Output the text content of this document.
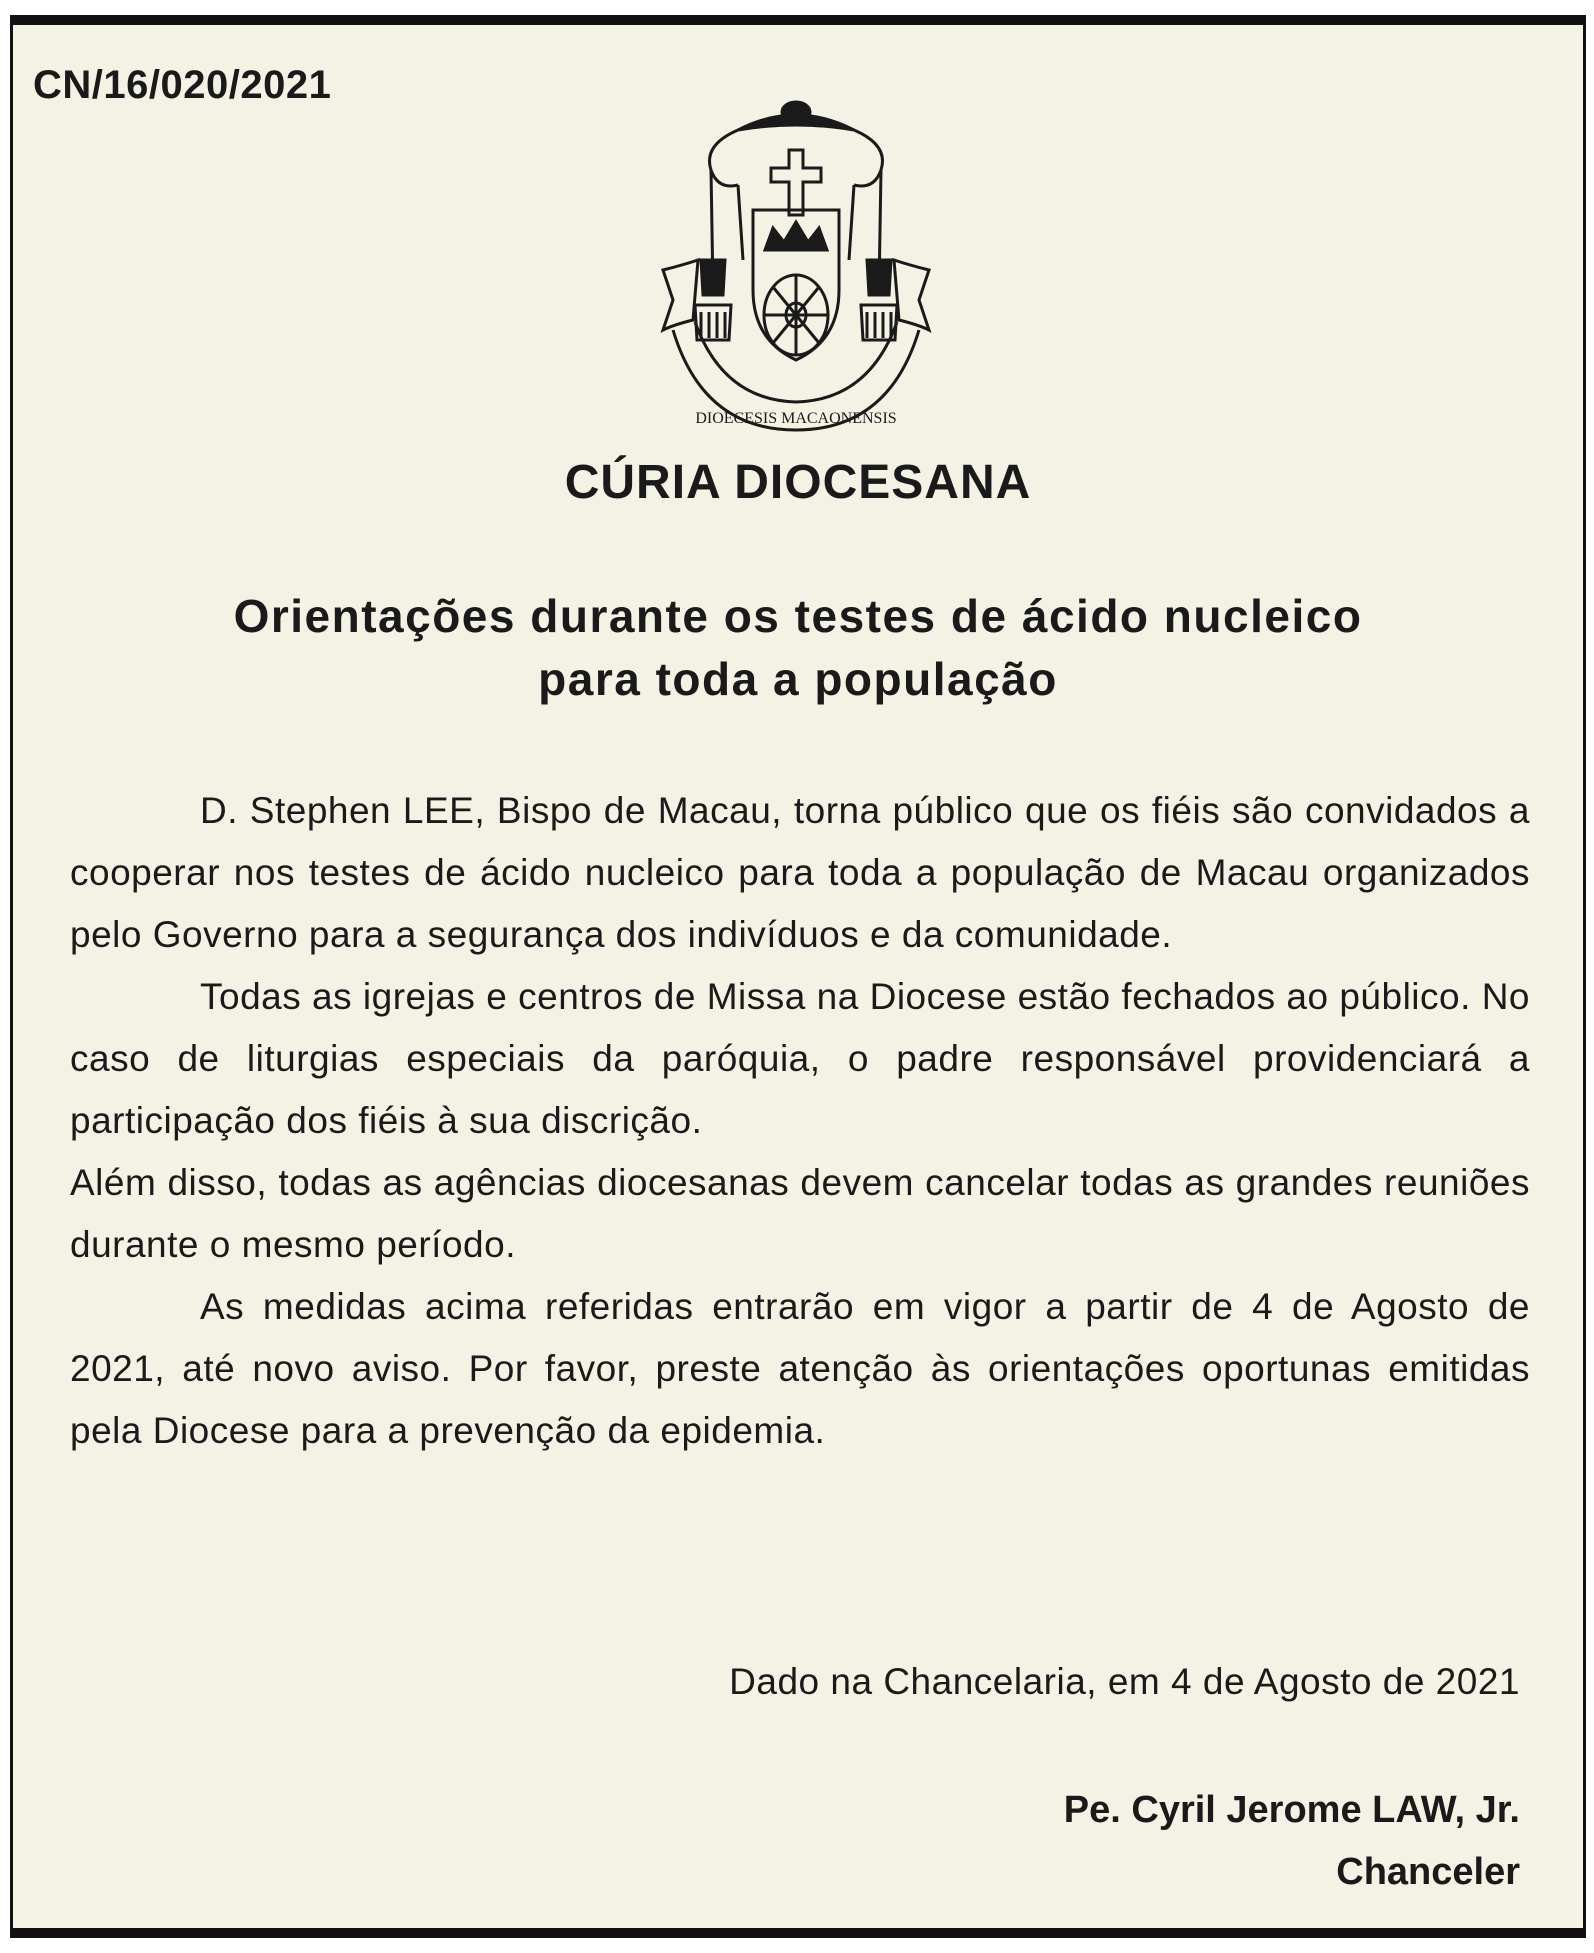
CN/16/020/2021
DIOECESIS MACAONENSIS
CÚRIA DIOCESANA
Orientações durante os testes de ácido nucleico
para toda a população

D. Stephen LEE, Bispo de Macau, torna público que os fiéis são convidados a cooperar nos testes de ácido nucleico para toda a população de Macau organizados pelo Governo para a segurança dos indivíduos e da comunidade.

Todas as igrejas e centros de Missa na Diocese estão fechados ao público. No caso de liturgias especiais da paróquia, o padre responsável providenciará a participação dos fiéis à sua discrição.

Além disso, todas as agências diocesanas devem cancelar todas as grandes reuniões durante o mesmo período.

As medidas acima referidas entrarão em vigor a partir de 4 de Agosto de 2021, até novo aviso. Por favor, preste atenção às orientações oportunas emitidas pela Diocese para a prevenção da epidemia.

Dado na Chancelaria, em 4 de Agosto de 2021
Pe. Cyril Jerome LAW, Jr.
Chanceler
